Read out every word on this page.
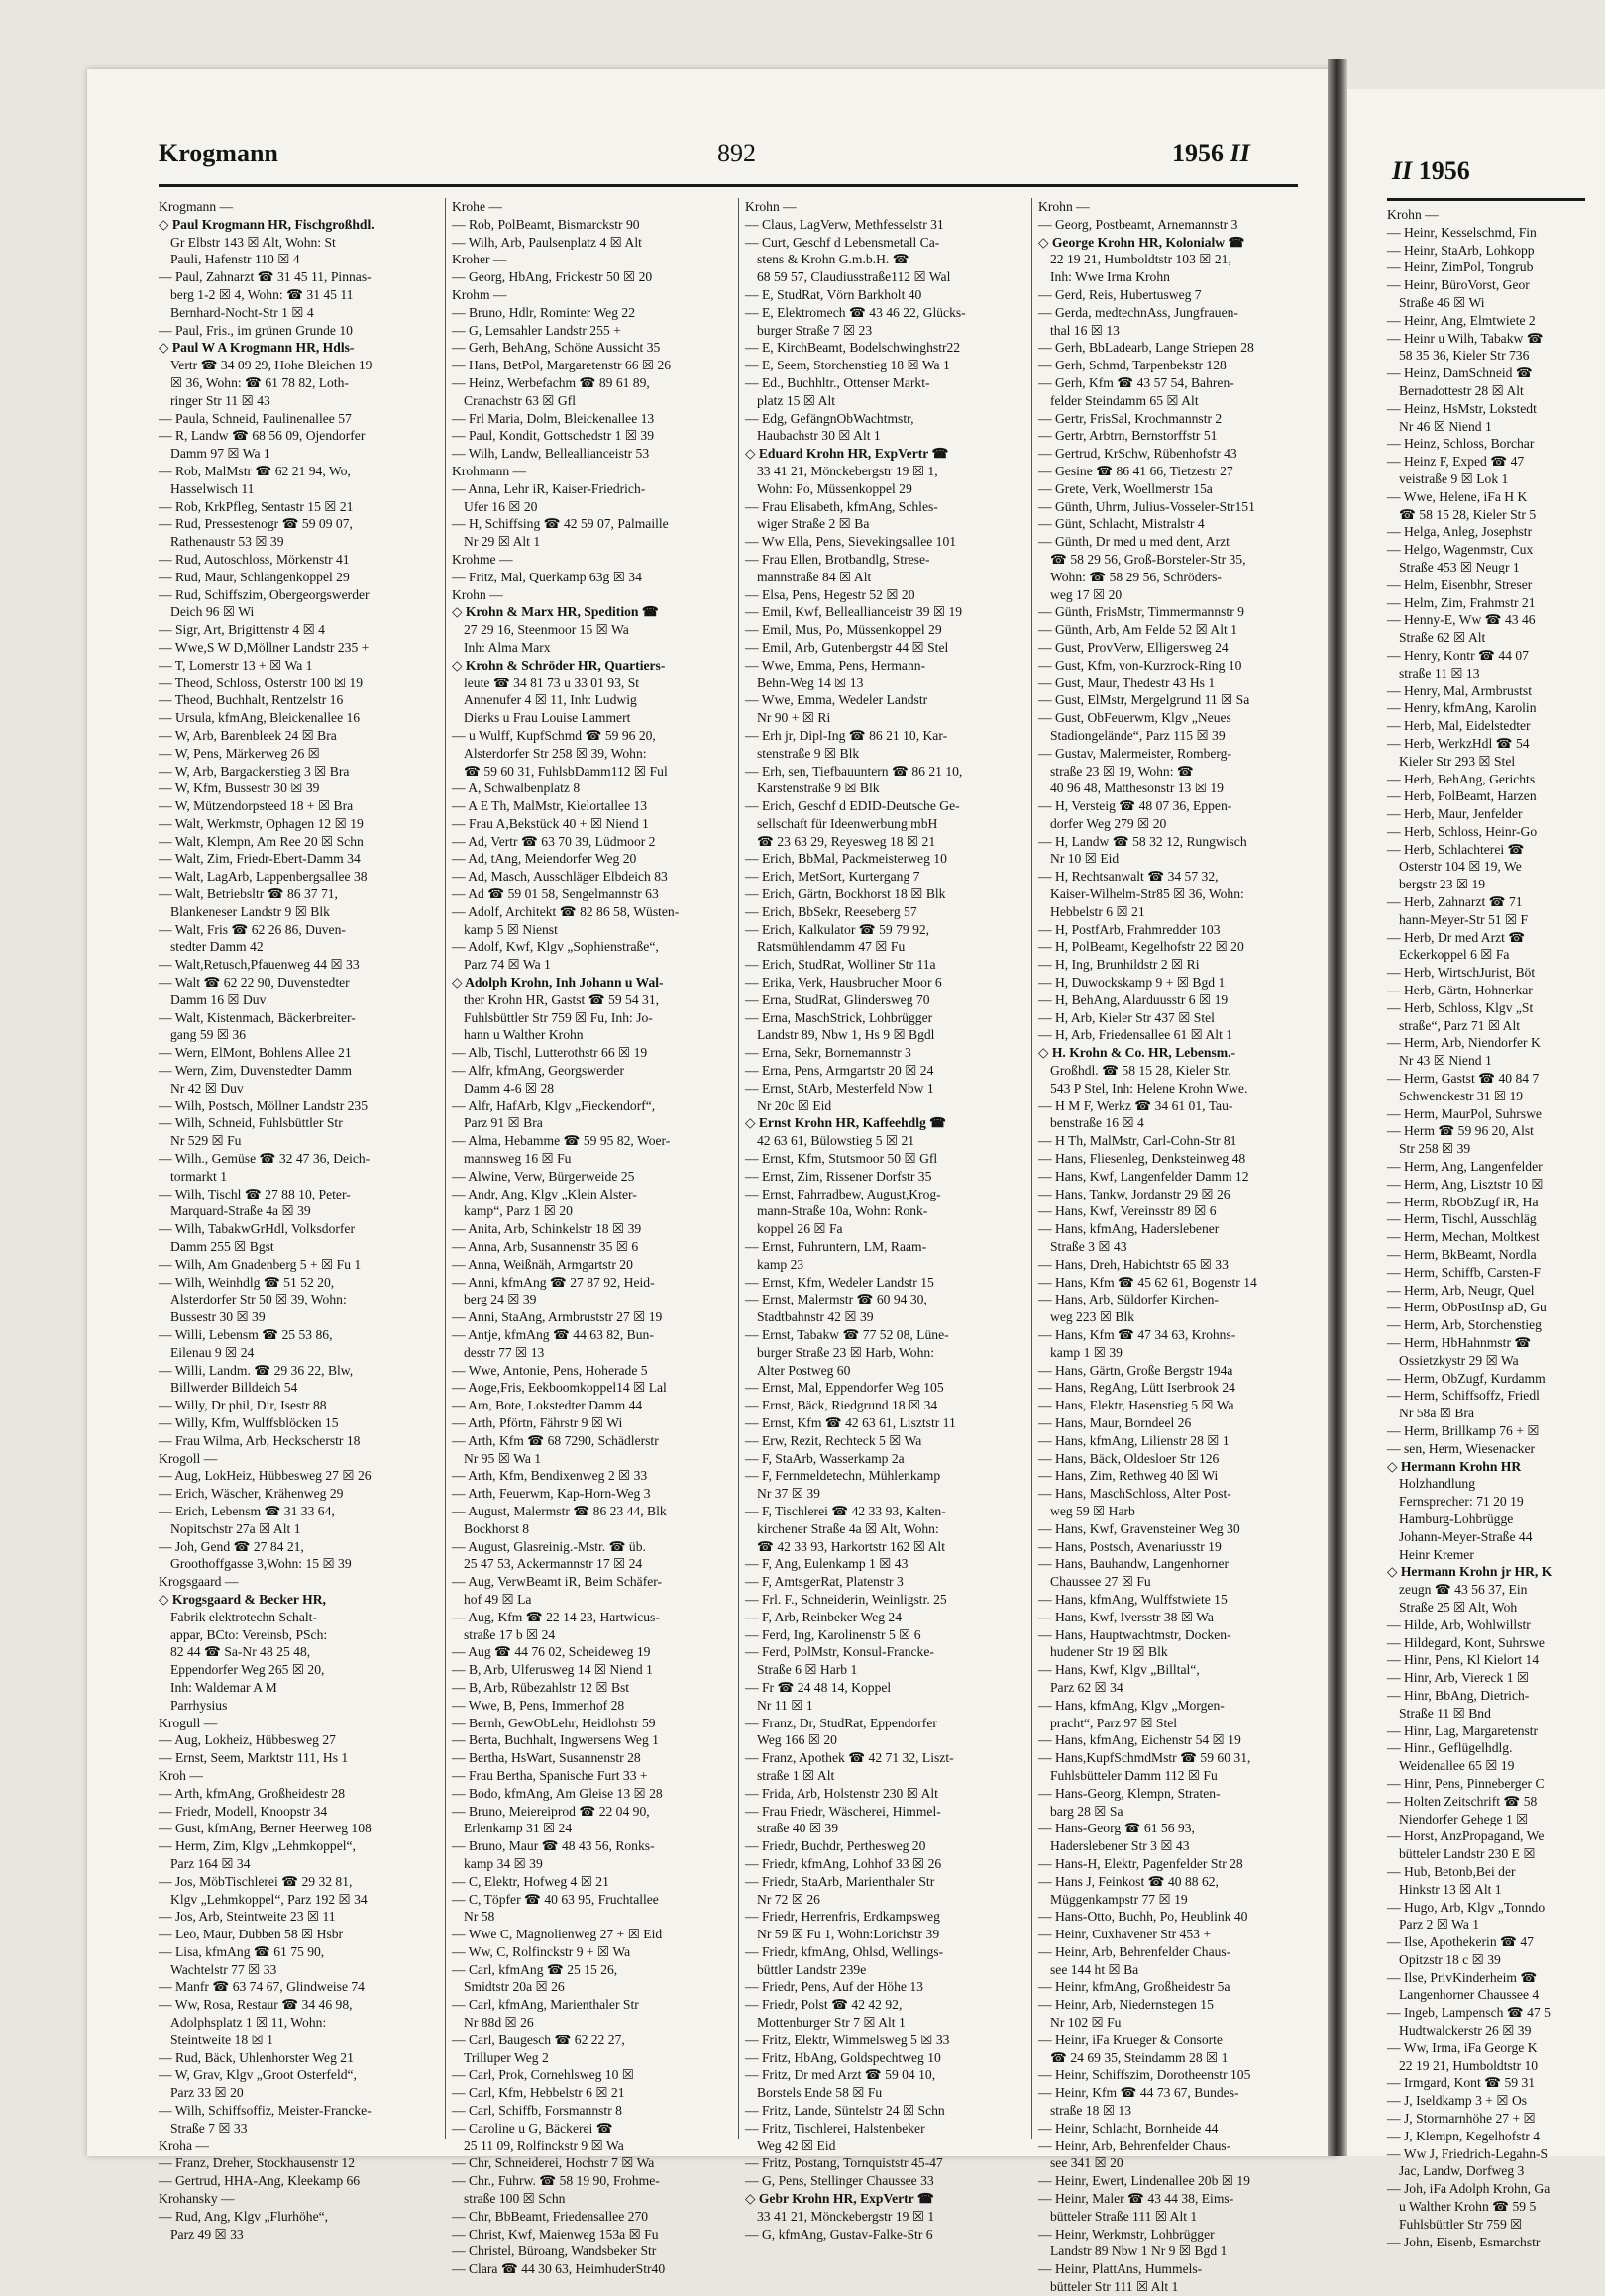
Krohn —
— Heinr, Kesselschmd, Fin
— Heinr, StaArb, Lohkopp
— Heinr, ZimPol, Tongrub
— Heinr, BüroVorst, Geor
Straße 46 ☒ Wi
— Heinr, Ang, Elmtwiete 2
— Heinr u Wilh, Tabakw ☎
58 35 36, Kieler Str 736
— Heinz, DamSchneid ☎
Bernadottestr 28 ☒ Alt
— Heinz, HsMstr, Lokstedt
Nr 46 ☒ Niend 1
— Heinz, Schloss, Borchar
— Heinz F, Exped ☎ 47
veistraße 9 ☒ Lok 1
— Wwe, Helene, iFa H K
☎ 58 15 28, Kieler Str 5
— Helga, Anleg, Josephstr
— Helgo, Wagenmstr, Cux
Straße 453 ☒ Neugr 1
— Helm, Eisenbhr, Streser
— Helm, Zim, Frahmstr 21
— Henny-E, Ww ☎ 43 46
Straße 62 ☒ Alt
— Henry, Kontr ☎ 44 07
straße 11 ☒ 13
— Henry, Mal, Armbrustst
— Henry, kfmAng, Karolin
— Herb, Mal, Eidelstedter
— Herb, WerkzHdl ☎ 54
Kieler Str 293 ☒ Stel
— Herb, BehAng, Gerichts
— Herb, PolBeamt, Harzen
— Herb, Maur, Jenfelder
— Herb, Schloss, Heinr-Go
— Herb, Schlachterei ☎
Osterstr 104 ☒ 19, We
bergstr 23 ☒ 19
— Herb, Zahnarzt ☎ 71
hann-Meyer-Str 51 ☒ F
— Herb, Dr med Arzt ☎
Eckerkoppel 6 ☒ Fa
— Herb, WirtschJurist, Böt
— Herb, Gärtn, Hohnerkar
— Herb, Schloss, Klgv „St
straße“, Parz 71 ☒ Alt
— Herm, Arb, Niendorfer K
Nr 43 ☒ Niend 1
— Herm, Gastst ☎ 40 84 7
Schwenckestr 31 ☒ 19
— Herm, MaurPol, Suhrswe
— Herm ☎ 59 96 20, Alst
Str 258 ☒ 39
— Herm, Ang, Langenfelder
— Herm, Ang, Lisztstr 10 ☒
— Herm, RbObZugf iR, Ha
— Herm, Tischl, Ausschläg
— Herm, Mechan, Moltkest
— Herm, BkBeamt, Nordla
— Herm, Schiffb, Carsten-F
— Herm, Arb, Neugr, Quel
— Herm, ObPostInsp aD, Gu
— Herm, Arb, Storchenstieg
— Herm, HbHahnmstr ☎
Ossietzkystr 29 ☒ Wa
— Herm, ObZugf, Kurdamm
— Herm, Schiffsoffz, Friedl
Nr 58a ☒ Bra
— Herm, Brillkamp 76 + ☒
— sen, Herm, Wiesenacker
◇ Hermann Krohn HR
Holzhandlung
Fernsprecher: 71 20 19
Hamburg-Lohbrügge
Johann-Meyer-Straße 44
Heinr Kremer
◇ Hermann Krohn jr HR, K
zeugn ☎ 43 56 37, Ein
Straße 25 ☒ Alt, Woh
— Hilde, Arb, Wohlwillstr
— Hildegard, Kont, Suhrswe
— Hinr, Pens, Kl Kielort 14
— Hinr, Arb, Viereck 1 ☒
— Hinr, BbAng, Dietrich-
Straße 11 ☒ Bnd
— Hinr, Lag, Margaretenstr
— Hinr., Geflügelhdlg.
Weidenallee 65 ☒ 19
— Hinr, Pens, Pinneberger C
— Holten Zeitschrift ☎ 58
Niendorfer Gehege 1 ☒
— Horst, AnzPropagand, We
bütteler Landstr 230 E ☒
— Hub, Betonb,Bei der
Hinkstr 13 ☒ Alt 1
— Hugo, Arb, Klgv „Tonndo
Parz 2 ☒ Wa 1
— Ilse, Apothekerin ☎ 47
Opitzstr 18 c ☒ 39
— Ilse, PrivKinderheim ☎
Langenhorner Chaussee 4
— Ingeb, Lampensch ☎ 47 5
Hudtwalckerstr 26 ☒ 39
— Ww, Irma, iFa George K
22 19 21, Humboldtstr 10
— Irmgard, Kont ☎ 59 31
— J, Iseldkamp 3 + ☒ Os
— J, Stormarnhöhe 27 + ☒
— J, Klempn, Kegelhofstr 4
— Ww J, Friedrich-Legahn-S
Jac, Landw, Dorfweg 3
— Joh, iFa Adolph Krohn, Ga
u Walther Krohn ☎ 59 5
Fuhlsbüttler Str 759 ☒
— John, Eisenb, Esmarchstr
Krogmann	892	1956 II
II 1956
Krogmann —
◇ Paul Krogmann HR, Fischgroßhdl.
Gr Elbstr 143 ☒ Alt, Wohn: St
Pauli, Hafenstr 110 ☒ 4
— Paul, Zahnarzt ☎ 31 45 11, Pinnas-
berg 1-2 ☒ 4, Wohn: ☎ 31 45 11
Bernhard-Nocht-Str 1 ☒ 4
— Paul, Fris., im grünen Grunde 10
◇ Paul W A Krogmann HR, Hdls-
Vertr ☎ 34 09 29, Hohe Bleichen 19
☒ 36, Wohn: ☎ 61 78 82, Loth-
ringer Str 11 ☒ 43
— Paula, Schneid, Paulinenallee 57
— R, Landw ☎ 68 56 09, Ojendorfer
Damm 97 ☒ Wa 1
— Rob, MalMstr ☎ 62 21 94, Wo,
Hasselwisch 11
— Rob, KrkPfleg, Sentastr 15 ☒ 21
— Rud, Pressestenogr ☎ 59 09 07,
Rathenaustr 53 ☒ 39
— Rud, Autoschloss, Mörkenstr 41
— Rud, Maur, Schlangenkoppel 29
— Rud, Schiffszim, Obergeorgswerder
Deich 96 ☒ Wi
— Sigr, Art, Brigittenstr 4 ☒ 4
— Wwe,S W D,Möllner Landstr 235 +
— T, Lomerstr 13 + ☒ Wa 1
— Theod, Schloss, Osterstr 100 ☒ 19
— Theod, Buchhalt, Rentzelstr 16
— Ursula, kfmAng, Bleickenallee 16
— W, Arb, Barenbleek 24 ☒ Bra
— W, Pens, Märkerweg 26 ☒
— W, Arb, Bargackerstieg 3 ☒ Bra
— W, Kfm, Bussestr 30 ☒ 39
— W, Mützendorpsteed 18 + ☒ Bra
— Walt, Werkmstr, Ophagen 12 ☒ 19
— Walt, Klempn, Am Ree 20 ☒ Schn
— Walt, Zim, Friedr-Ebert-Damm 34
— Walt, LagArb, Lappenbergsallee 38
— Walt, Betriebsltr ☎ 86 37 71,
Blankeneser Landstr 9 ☒ Blk
— Walt, Fris ☎ 62 26 86, Duven-
stedter Damm 42
— Walt,Retusch,Pfauenweg 44 ☒ 33
— Walt ☎ 62 22 90, Duvenstedter
Damm 16 ☒ Duv
— Walt, Kistenmach, Bäckerbreiter-
gang 59 ☒ 36
— Wern, ElMont, Bohlens Allee 21
— Wern, Zim, Duvenstedter Damm
Nr 42 ☒ Duv
— Wilh, Postsch, Möllner Landstr 235
— Wilh, Schneid, Fuhlsbüttler Str
Nr 529 ☒ Fu
— Wilh., Gemüse ☎ 32 47 36, Deich-
tormarkt 1
— Wilh, Tischl ☎ 27 88 10, Peter-
Marquard-Straße 4a ☒ 39
— Wilh, TabakwGrHdl, Volksdorfer
Damm 255 ☒ Bgst
— Wilh, Am Gnadenberg 5 + ☒ Fu 1
— Wilh, Weinhdlg ☎ 51 52 20,
Alsterdorfer Str 50 ☒ 39, Wohn:
Bussestr 30 ☒ 39
— Willi, Lebensm ☎ 25 53 86,
Eilenau 9 ☒ 24
— Willi, Landm. ☎ 29 36 22, Blw,
Billwerder Billdeich 54
— Willy, Dr phil, Dir, Isestr 88
— Willy, Kfm, Wulffsblöcken 15
— Frau Wilma, Arb, Heckscherstr 18
Krogoll —
— Aug, LokHeiz, Hübbesweg 27 ☒ 26
— Erich, Wäscher, Krähenweg 29
— Erich, Lebensm ☎ 31 33 64,
Nopitschstr 27a ☒ Alt 1
— Joh, Gend ☎ 27 84 21,
Groothoffgasse 3,Wohn: 15 ☒ 39
Krogsgaard —
◇ Krogsgaard & Becker HR,
Fabrik elektrotechn Schalt-
appar, BCto: Vereinsb, PSch:
82 44 ☎ Sa-Nr 48 25 48,
Eppendorfer Weg 265 ☒ 20,
Inh: Waldemar A M
Parrhysius
Krogull —
— Aug, Lokheiz, Hübbesweg 27
— Ernst, Seem, Marktstr 111, Hs 1
Kroh —
— Arth, kfmAng, Großheidestr 28
— Friedr, Modell, Knoopstr 34
— Gust, kfmAng, Berner Heerweg 108
— Herm, Zim, Klgv „Lehmkoppel“,
Parz 164 ☒ 34
— Jos, MöbTischlerei ☎ 29 32 81,
Klgv „Lehmkoppel“, Parz 192 ☒ 34
— Jos, Arb, Steintweite 23 ☒ 11
— Leo, Maur, Dubben 58 ☒ Hsbr
— Lisa, kfmAng ☎ 61 75 90,
Wachtelstr 77 ☒ 33
— Manfr ☎ 63 74 67, Glindweise 74
— Ww, Rosa, Restaur ☎ 34 46 98,
Adolphsplatz 1 ☒ 11, Wohn:
Steintweite 18 ☒ 1
— Rud, Bäck, Uhlenhorster Weg 21
— W, Grav, Klgv „Groot Osterfeld“,
Parz 33 ☒ 20
— Wilh, Schiffsoffiz, Meister-Francke-
Straße 7 ☒ 33
Kroha —
— Franz, Dreher, Stockhausenstr 12
— Gertrud, HHA-Ang, Kleekamp 66
Krohansky —
— Rud, Ang, Klgv „Flurhöhe“,
Parz 49 ☒ 33
Krohe —
— Rob, PolBeamt, Bismarckstr 90
— Wilh, Arb, Paulsenplatz 4 ☒ Alt
Kroher —
— Georg, HbAng, Frickestr 50 ☒ 20
Krohm —
— Bruno, Hdlr, Rominter Weg 22
— G, Lemsahler Landstr 255 +
— Gerh, BehAng, Schöne Aussicht 35
— Hans, BetPol, Margaretenstr 66 ☒ 26
— Heinz, Werbefachm ☎ 89 61 89,
Cranachstr 63 ☒ Gfl
— Frl Maria, Dolm, Bleickenallee 13
— Paul, Kondit, Gottschedstr 1 ☒ 39
— Wilh, Landw, Belleallianceistr 53
Krohmann —
— Anna, Lehr iR, Kaiser-Friedrich-
Ufer 16 ☒ 20
— H, Schiffsing ☎ 42 59 07, Palmaille
Nr 29 ☒ Alt 1
Krohme —
— Fritz, Mal, Querkamp 63g ☒ 34
Krohn —
◇ Krohn & Marx HR, Spedition ☎
27 29 16, Steenmoor 15 ☒ Wa
Inh: Alma Marx
◇ Krohn & Schröder HR, Quartiers-
leute ☎ 34 81 73 u 33 01 93, St
Annenufer 4 ☒ 11, Inh: Ludwig
Dierks u Frau Louise Lammert
— u Wulff, KupfSchmd ☎ 59 96 20,
Alsterdorfer Str 258 ☒ 39, Wohn:
☎ 59 60 31, FuhlsbDamm112 ☒ Ful
— A, Schwalbenplatz 8
— A E Th, MalMstr, Kielortallee 13
— Frau A,Bekstück 40 + ☒ Niend 1
— Ad, Vertr ☎ 63 70 39, Lüdmoor 2
— Ad, tAng, Meiendorfer Weg 20
— Ad, Masch, Ausschläger Elbdeich 83
— Ad ☎ 59 01 58, Sengelmannstr 63
— Adolf, Architekt ☎ 82 86 58, Wüsten-
kamp 5 ☒ Nienst
— Adolf, Kwf, Klgv „Sophienstraße“,
Parz 74 ☒ Wa 1
◇ Adolph Krohn, Inh Johann u Wal-
ther Krohn HR, Gastst ☎ 59 54 31,
Fuhlsbüttler Str 759 ☒ Fu, Inh: Jo-
hann u Walther Krohn
— Alb, Tischl, Lutterothstr 66 ☒ 19
— Alfr, kfmAng, Georgswerder
Damm 4-6 ☒ 28
— Alfr, HafArb, Klgv „Fieckendorf“,
Parz 91 ☒ Bra
— Alma, Hebamme ☎ 59 95 82, Woer-
mannsweg 16 ☒ Fu
— Alwine, Verw, Bürgerweide 25
— Andr, Ang, Klgv „Klein Alster-
kamp“, Parz 1 ☒ 20
— Anita, Arb, Schinkelstr 18 ☒ 39
— Anna, Arb, Susannenstr 35 ☒ 6
— Anna, Weißnäh, Armgartstr 20
— Anni, kfmAng ☎ 27 87 92, Heid-
berg 24 ☒ 39
— Anni, StaAng, Armbruststr 27 ☒ 19
— Antje, kfmAng ☎ 44 63 82, Bun-
desstr 77 ☒ 13
— Wwe, Antonie, Pens, Hoherade 5
— Aoge,Fris, Eekboomkoppel14 ☒ Lal
— Arn, Bote, Lokstedter Damm 44
— Arth, Pförtn, Fährstr 9 ☒ Wi
— Arth, Kfm ☎ 68 7290, Schädlerstr
Nr 95 ☒ Wa 1
— Arth, Kfm, Bendixenweg 2 ☒ 33
— Arth, Feuerwm, Kap-Horn-Weg 3
— August, Malermstr ☎ 86 23 44, Blk
Bockhorst 8
— August, Glasreinig.-Mstr. ☎ üb.
25 47 53, Ackermannstr 17 ☒ 24
— Aug, VerwBeamt iR, Beim Schäfer-
hof 49 ☒ La
— Aug, Kfm ☎ 22 14 23, Hartwicus-
straße 17 b ☒ 24
— Aug ☎ 44 76 02, Scheideweg 19
— B, Arb, Ulferusweg 14 ☒ Niend 1
— B, Arb, Rübezahlstr 12 ☒ Bst
— Wwe, B, Pens, Immenhof 28
— Bernh, GewObLehr, Heidlohstr 59
— Berta, Buchhalt, Ingwersens Weg 1
— Bertha, HsWart, Susannenstr 28
— Frau Bertha, Spanische Furt 33 +
— Bodo, kfmAng, Am Gleise 13 ☒ 28
— Bruno, Meiereiprod ☎ 22 04 90,
Erlenkamp 31 ☒ 24
— Bruno, Maur ☎ 48 43 56, Ronks-
kamp 34 ☒ 39
— C, Elektr, Hofweg 4 ☒ 21
— C, Töpfer ☎ 40 63 95, Fruchtallee
Nr 58
— Wwe C, Magnolienweg 27 + ☒ Eid
— Ww, C, Rolfinckstr 9 + ☒ Wa
— Carl, kfmAng ☎ 25 15 26,
Smidtstr 20a ☒ 26
— Carl, kfmAng, Marienthaler Str
Nr 88d ☒ 26
— Carl, Baugesch ☎ 62 22 27,
Trilluper Weg 2
— Carl, Prok, Cornehlsweg 10 ☒
— Carl, Kfm, Hebbelstr 6 ☒ 21
— Carl, Schiffb, Forsmannstr 8
— Caroline u G, Bäckerei ☎
25 11 09, Rolfinckstr 9 ☒ Wa
— Chr, Schneiderei, Hochstr 7 ☒ Wa
— Chr., Fuhrw. ☎ 58 19 90, Frohme-
straße 100 ☒ Schn
— Chr, BbBeamt, Friedensallee 270
— Christ, Kwf, Maienweg 153a ☒ Fu
— Christel, Büroang, Wandsbeker Str
— Clara ☎ 44 30 63, HeimhuderStr40
Krohn —
— Claus, LagVerw, Methfesselstr 31
— Curt, Geschf d Lebensmetall Ca-
stens & Krohn G.m.b.H. ☎
68 59 57, Claudiusstraße112 ☒ Wal
— E, StudRat, Vörn Barkholt 40
— E, Elektromech ☎ 43 46 22, Glücks-
burger Straße 7 ☒ 23
— E, KirchBeamt, Bodelschwinghstr22
— E, Seem, Storchenstieg 18 ☒ Wa 1
— Ed., Buchhltr., Ottenser Markt-
platz 15 ☒ Alt
— Edg, GefängnObWachtmstr,
Haubachstr 30 ☒ Alt 1
◇ Eduard Krohn HR, ExpVertr ☎
33 41 21, Mönckebergstr 19 ☒ 1,
Wohn: Po, Müssenkoppel 29
— Frau Elisabeth, kfmAng, Schles-
wiger Straße 2 ☒ Ba
— Ww Ella, Pens, Sievekingsallee 101
— Frau Ellen, Brotbandlg, Strese-
mannstraße 84 ☒ Alt
— Elsa, Pens, Hegestr 52 ☒ 20
— Emil, Kwf, Belleallianceistr 39 ☒ 19
— Emil, Mus, Po, Müssenkoppel 29
— Emil, Arb, Gutenbergstr 44 ☒ Stel
— Wwe, Emma, Pens, Hermann-
Behn-Weg 14 ☒ 13
— Wwe, Emma, Wedeler Landstr
Nr 90 + ☒ Ri
— Erh jr, Dipl-Ing ☎ 86 21 10, Kar-
stenstraße 9 ☒ Blk
— Erh, sen, Tiefbauuntern ☎ 86 21 10,
Karstenstraße 9 ☒ Blk
— Erich, Geschf d EDID-Deutsche Ge-
sellschaft für Ideenwerbung mbH
☎ 23 63 29, Reyesweg 18 ☒ 21
— Erich, BbMal, Packmeisterweg 10
— Erich, MetSort, Kurtergang 7
— Erich, Gärtn, Bockhorst 18 ☒ Blk
— Erich, BbSekr, Reeseberg 57
— Erich, Kalkulator ☎ 59 79 92,
Ratsmühlendamm 47 ☒ Fu
— Erich, StudRat, Wolliner Str 11a
— Erika, Verk, Hausbrucher Moor 6
— Erna, StudRat, Glindersweg 70
— Erna, MaschStrick, Lohbrügger
Landstr 89, Nbw 1, Hs 9 ☒ Bgdl
— Erna, Sekr, Bornemannstr 3
— Erna, Pens, Armgartstr 20 ☒ 24
— Ernst, StArb, Mesterfeld Nbw 1
Nr 20c ☒ Eid
◇ Ernst Krohn HR, Kaffeehdlg ☎
42 63 61, Bülowstieg 5 ☒ 21
— Ernst, Kfm, Stutsmoor 50 ☒ Gfl
— Ernst, Zim, Rissener Dorfstr 35
— Ernst, Fahrradbew, August,Krog-
mann-Straße 10a, Wohn: Ronk-
koppel 26 ☒ Fa
— Ernst, Fuhruntern, LM, Raam-
kamp 23
— Ernst, Kfm, Wedeler Landstr 15
— Ernst, Malermstr ☎ 60 94 30,
Stadtbahnstr 42 ☒ 39
— Ernst, Tabakw ☎ 77 52 08, Lüne-
burger Straße 23 ☒ Harb, Wohn:
Alter Postweg 60
— Ernst, Mal, Eppendorfer Weg 105
— Ernst, Bäck, Riedgrund 18 ☒ 34
— Ernst, Kfm ☎ 42 63 61, Lisztstr 11
— Erw, Rezit, Rechteck 5 ☒ Wa
— F, StaArb, Wasserkamp 2a
— F, Fernmeldetechn, Mühlenkamp
Nr 37 ☒ 39
— F, Tischlerei ☎ 42 33 93, Kalten-
kirchener Straße 4a ☒ Alt, Wohn:
☎ 42 33 93, Harkortstr 162 ☒ Alt
— F, Ang, Eulenkamp 1 ☒ 43
— F, AmtsgerRat, Platenstr 3
— Frl. F., Schneiderin, Weinligstr. 25
— F, Arb, Reinbeker Weg 24
— Ferd, Ing, Karolinenstr 5 ☒ 6
— Ferd, PolMstr, Konsul-Francke-
Straße 6 ☒ Harb 1
— Fr ☎ 24 48 14, Koppel
Nr 11 ☒ 1
— Franz, Dr, StudRat, Eppendorfer
Weg 166 ☒ 20
— Franz, Apothek ☎ 42 71 32, Liszt-
straße 1 ☒ Alt
— Frida, Arb, Holstenstr 230 ☒ Alt
— Frau Friedr, Wäscherei, Himmel-
straße 40 ☒ 39
— Friedr, Buchdr, Perthesweg 20
— Friedr, kfmAng, Lohhof 33 ☒ 26
— Friedr, StaArb, Marienthaler Str
Nr 72 ☒ 26
— Friedr, Herrenfris, Erdkampsweg
Nr 59 ☒ Fu 1, Wohn:Lorichstr 39
— Friedr, kfmAng, Ohlsd, Wellings-
büttler Landstr 239e
— Friedr, Pens, Auf der Höhe 13
— Friedr, Polst ☎ 42 42 92,
Mottenburger Str 7 ☒ Alt 1
— Fritz, Elektr, Wimmelsweg 5 ☒ 33
— Fritz, HbAng, Goldspechtweg 10
— Fritz, Dr med Arzt ☎ 59 04 10,
Borstels Ende 58 ☒ Fu
— Fritz, Lande, Süntelstr 24 ☒ Schn
— Fritz, Tischlerei, Halstenbeker
Weg 42 ☒ Eid
— Fritz, Postang, Tornquiststr 45-47
— G, Pens, Stellinger Chaussee 33
◇ Gebr Krohn HR, ExpVertr ☎
33 41 21, Mönckebergstr 19 ☒ 1
— G, kfmAng, Gustav-Falke-Str 6
Krohn —
— Georg, Postbeamt, Arnemannstr 3
◇ George Krohn HR, Kolonialw ☎
22 19 21, Humboldtstr 103 ☒ 21,
Inh: Wwe Irma Krohn
— Gerd, Reis, Hubertusweg 7
— Gerda, medtechnAss, Jungfrauen-
thal 16 ☒ 13
— Gerh, BbLadearb, Lange Striepen 28
— Gerh, Schmd, Tarpenbekstr 128
— Gerh, Kfm ☎ 43 57 54, Bahren-
felder Steindamm 65 ☒ Alt
— Gertr, FrisSal, Krochmannstr 2
— Gertr, Arbtrn, Bernstorffstr 51
— Gertrud, KrSchw, Rübenhofstr 43
— Gesine ☎ 86 41 66, Tietzestr 27
— Grete, Verk, Woellmerstr 15a
— Günth, Uhrm, Julius-Vosseler-Str151
— Günt, Schlacht, Mistralstr 4
— Günth, Dr med u med dent, Arzt
☎ 58 29 56, Groß-Borsteler-Str 35,
Wohn: ☎ 58 29 56, Schröders-
weg 17 ☒ 20
— Günth, FrisMstr, Timmermannstr 9
— Günth, Arb, Am Felde 52 ☒ Alt 1
— Gust, ProvVerw, Elligersweg 24
— Gust, Kfm, von-Kurzrock-Ring 10
— Gust, Maur, Thedestr 43 Hs 1
— Gust, ElMstr, Mergelgrund 11 ☒ Sa
— Gust, ObFeuerwm, Klgv „Neues
Stadiongelände“, Parz 115 ☒ 39
— Gustav, Malermeister, Romberg-
straße 23 ☒ 19, Wohn: ☎
40 96 48, Matthesonstr 13 ☒ 19
— H, Versteig ☎ 48 07 36, Eppen-
dorfer Weg 279 ☒ 20
— H, Landw ☎ 58 32 12, Rungwisch
Nr 10 ☒ Eid
— H, Rechtsanwalt ☎ 34 57 32,
Kaiser-Wilhelm-Str85 ☒ 36, Wohn:
Hebbelstr 6 ☒ 21
— H, PostfArb, Frahmredder 103
— H, PolBeamt, Kegelhofstr 22 ☒ 20
— H, Ing, Brunhildstr 2 ☒ Ri
— H, Duwockskamp 9 + ☒ Bgd 1
— H, BehAng, Alarduusstr 6 ☒ 19
— H, Arb, Kieler Str 437 ☒ Stel
— H, Arb, Friedensallee 61 ☒ Alt 1
◇ H. Krohn & Co. HR, Lebensm.-
Großhdl. ☎ 58 15 28, Kieler Str.
543 P Stel, Inh: Helene Krohn Wwe.
— H M F, Werkz ☎ 34 61 01, Tau-
benstraße 16 ☒ 4
— H Th, MalMstr, Carl-Cohn-Str 81
— Hans, Fliesenleg, Denksteinweg 48
— Hans, Kwf, Langenfelder Damm 12
— Hans, Tankw, Jordanstr 29 ☒ 26
— Hans, Kwf, Vereinsstr 89 ☒ 6
— Hans, kfmAng, Haderslebener
Straße 3 ☒ 43
— Hans, Dreh, Habichtstr 65 ☒ 33
— Hans, Kfm ☎ 45 62 61, Bogenstr 14
— Hans, Arb, Süldorfer Kirchen-
weg 223 ☒ Blk
— Hans, Kfm ☎ 47 34 63, Krohns-
kamp 1 ☒ 39
— Hans, Gärtn, Große Bergstr 194a
— Hans, RegAng, Lütt Iserbrook 24
— Hans, Elektr, Hasenstieg 5 ☒ Wa
— Hans, Maur, Borndeel 26
— Hans, kfmAng, Lilienstr 28 ☒ 1
— Hans, Bäck, Oldesloer Str 126
— Hans, Zim, Rethweg 40 ☒ Wi
— Hans, MaschSchloss, Alter Post-
weg 59 ☒ Harb
— Hans, Kwf, Gravensteiner Weg 30
— Hans, Postsch, Avenariusstr 19
— Hans, Bauhandw, Langenhorner
Chaussee 27 ☒ Fu
— Hans, kfmAng, Wulffstwiete 15
— Hans, Kwf, Iversstr 38 ☒ Wa
— Hans, Hauptwachtmstr, Docken-
hudener Str 19 ☒ Blk
— Hans, Kwf, Klgv „Billtal“,
Parz 62 ☒ 34
— Hans, kfmAng, Klgv „Morgen-
pracht“, Parz 97 ☒ Stel
— Hans, kfmAng, Eichenstr 54 ☒ 19
— Hans,KupfSchmdMstr ☎ 59 60 31,
Fuhlsbütteler Damm 112 ☒ Fu
— Hans-Georg, Klempn, Straten-
barg 28 ☒ Sa
— Hans-Georg ☎ 61 56 93,
Haderslebener Str 3 ☒ 43
— Hans-H, Elektr, Pagenfelder Str 28
— Hans J, Feinkost ☎ 40 88 62,
Müggenkampstr 77 ☒ 19
— Hans-Otto, Buchh, Po, Heublink 40
— Heinr, Cuxhavener Str 453 +
— Heinr, Arb, Behrenfelder Chaus-
see 144 ht ☒ Ba
— Heinr, kfmAng, Großheidestr 5a
— Heinr, Arb, Niedernstegen 15
Nr 102 ☒ Fu
— Heinr, iFa Krueger & Consorte
☎ 24 69 35, Steindamm 28 ☒ 1
— Heinr, Schiffszim, Dorotheenstr 105
— Heinr, Kfm ☎ 44 73 67, Bundes-
straße 18 ☒ 13
— Heinr, Schlacht, Bornheide 44
— Heinr, Arb, Behrenfelder Chaus-
see 341 ☒ 20
— Heinr, Ewert, Lindenallee 20b ☒ 19
— Heinr, Maler ☎ 43 44 38, Eims-
bütteler Straße 111 ☒ Alt 1
— Heinr, Werkmstr, Lohbrügger
Landstr 89 Nbw 1 Nr 9 ☒ Bgd 1
— Heinr, PlattAns, Hummels-
bütteler Str 111 ☒ Alt 1
